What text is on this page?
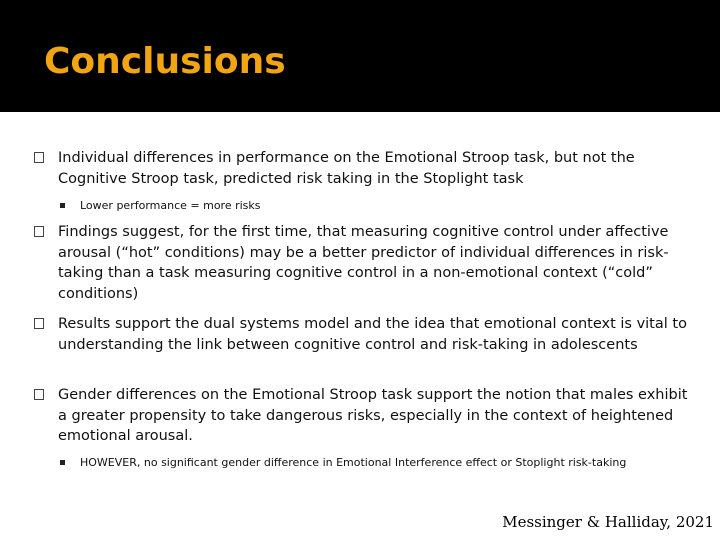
Conclusions
Individual differences in performance on the Emotional Stroop task, but not the Cognitive Stroop task, predicted risk taking in the Stoplight task
Lower performance = more risks
Findings suggest, for the first time, that measuring cognitive control under affective arousal (“hot” conditions) may be a better predictor of individual differences in risk-taking than a task measuring cognitive control in a non-emotional context (“cold” conditions)
Results support the dual systems model and the idea that emotional context is vital to understanding the link between cognitive control and risk-taking in adolescents
Gender differences on the Emotional Stroop task support the notion that males exhibit a greater propensity to take dangerous risks, especially in the context of heightened emotional arousal.
HOWEVER, no significant gender difference in Emotional Interference effect or Stoplight risk-taking
Messinger & Halliday, 2021
